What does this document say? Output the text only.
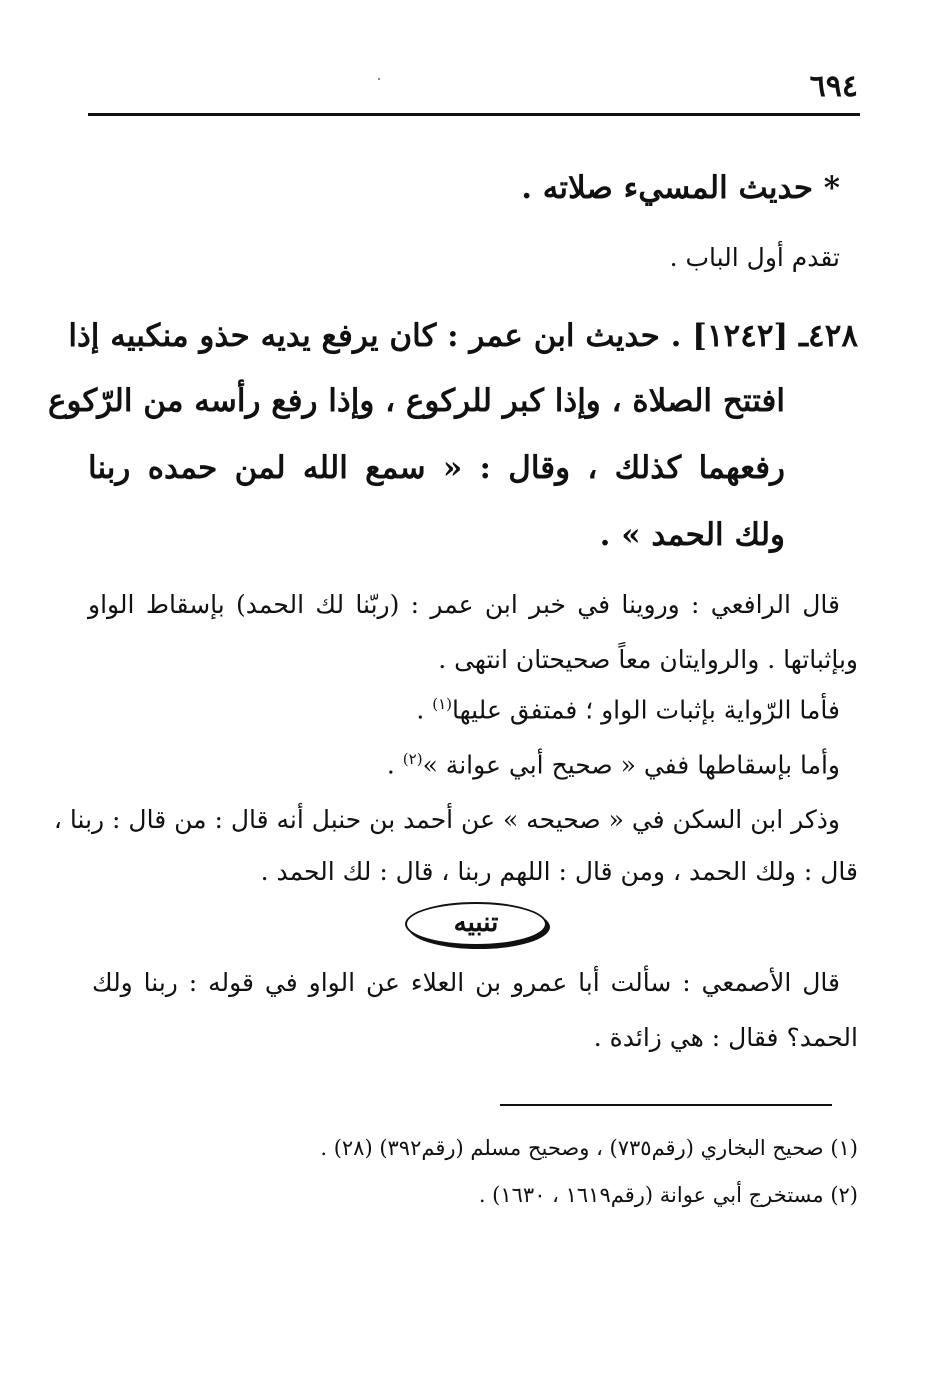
٦٩٤
* حديث المسيء صلاته .
تقدم أول الباب .
٤٢٨ـ [١٢٤٢] . حديث ابن عمر : كان يرفع يديه حذو منكبيه إذا
افتتح الصلاة ، وإذا كبر للركوع ، وإذا رفع رأسه من الرّكوع
رفعهما كذلك ، وقال : « سمع الله لمن حمده ربنا
ولك الحمد » .
قال الرافعي : وروينا في خبر ابن عمر : (ربّنا لك الحمد) بإسقاط الواو
وبإثباتها . والروايتان معاً صحيحتان انتهى .
فأما الرّواية بإثبات الواو ؛ فمتفق عليها$^{(١)}$ .
وأما بإسقاطها ففي « صحيح أبي عوانة »$^{(٢)}$ .
وذكر ابن السكن في « صحيحه » عن أحمد بن حنبل أنه قال : من قال : ربنا ،
قال : ولك الحمد ، ومن قال : اللهم ربنا ، قال : لك الحمد .
تنبيه
قال الأصمعي : سألت أبا عمرو بن العلاء عن الواو في قوله : ربنا ولك
الحمد؟ فقال : هي زائدة .
(١) صحيح البخاري (رقم٧٣٥) ، وصحيح مسلم (رقم٣٩٢) (٢٨) .
(٢) مستخرج أبي عوانة (رقم١٦١٩ ، ١٦٣٠) .
